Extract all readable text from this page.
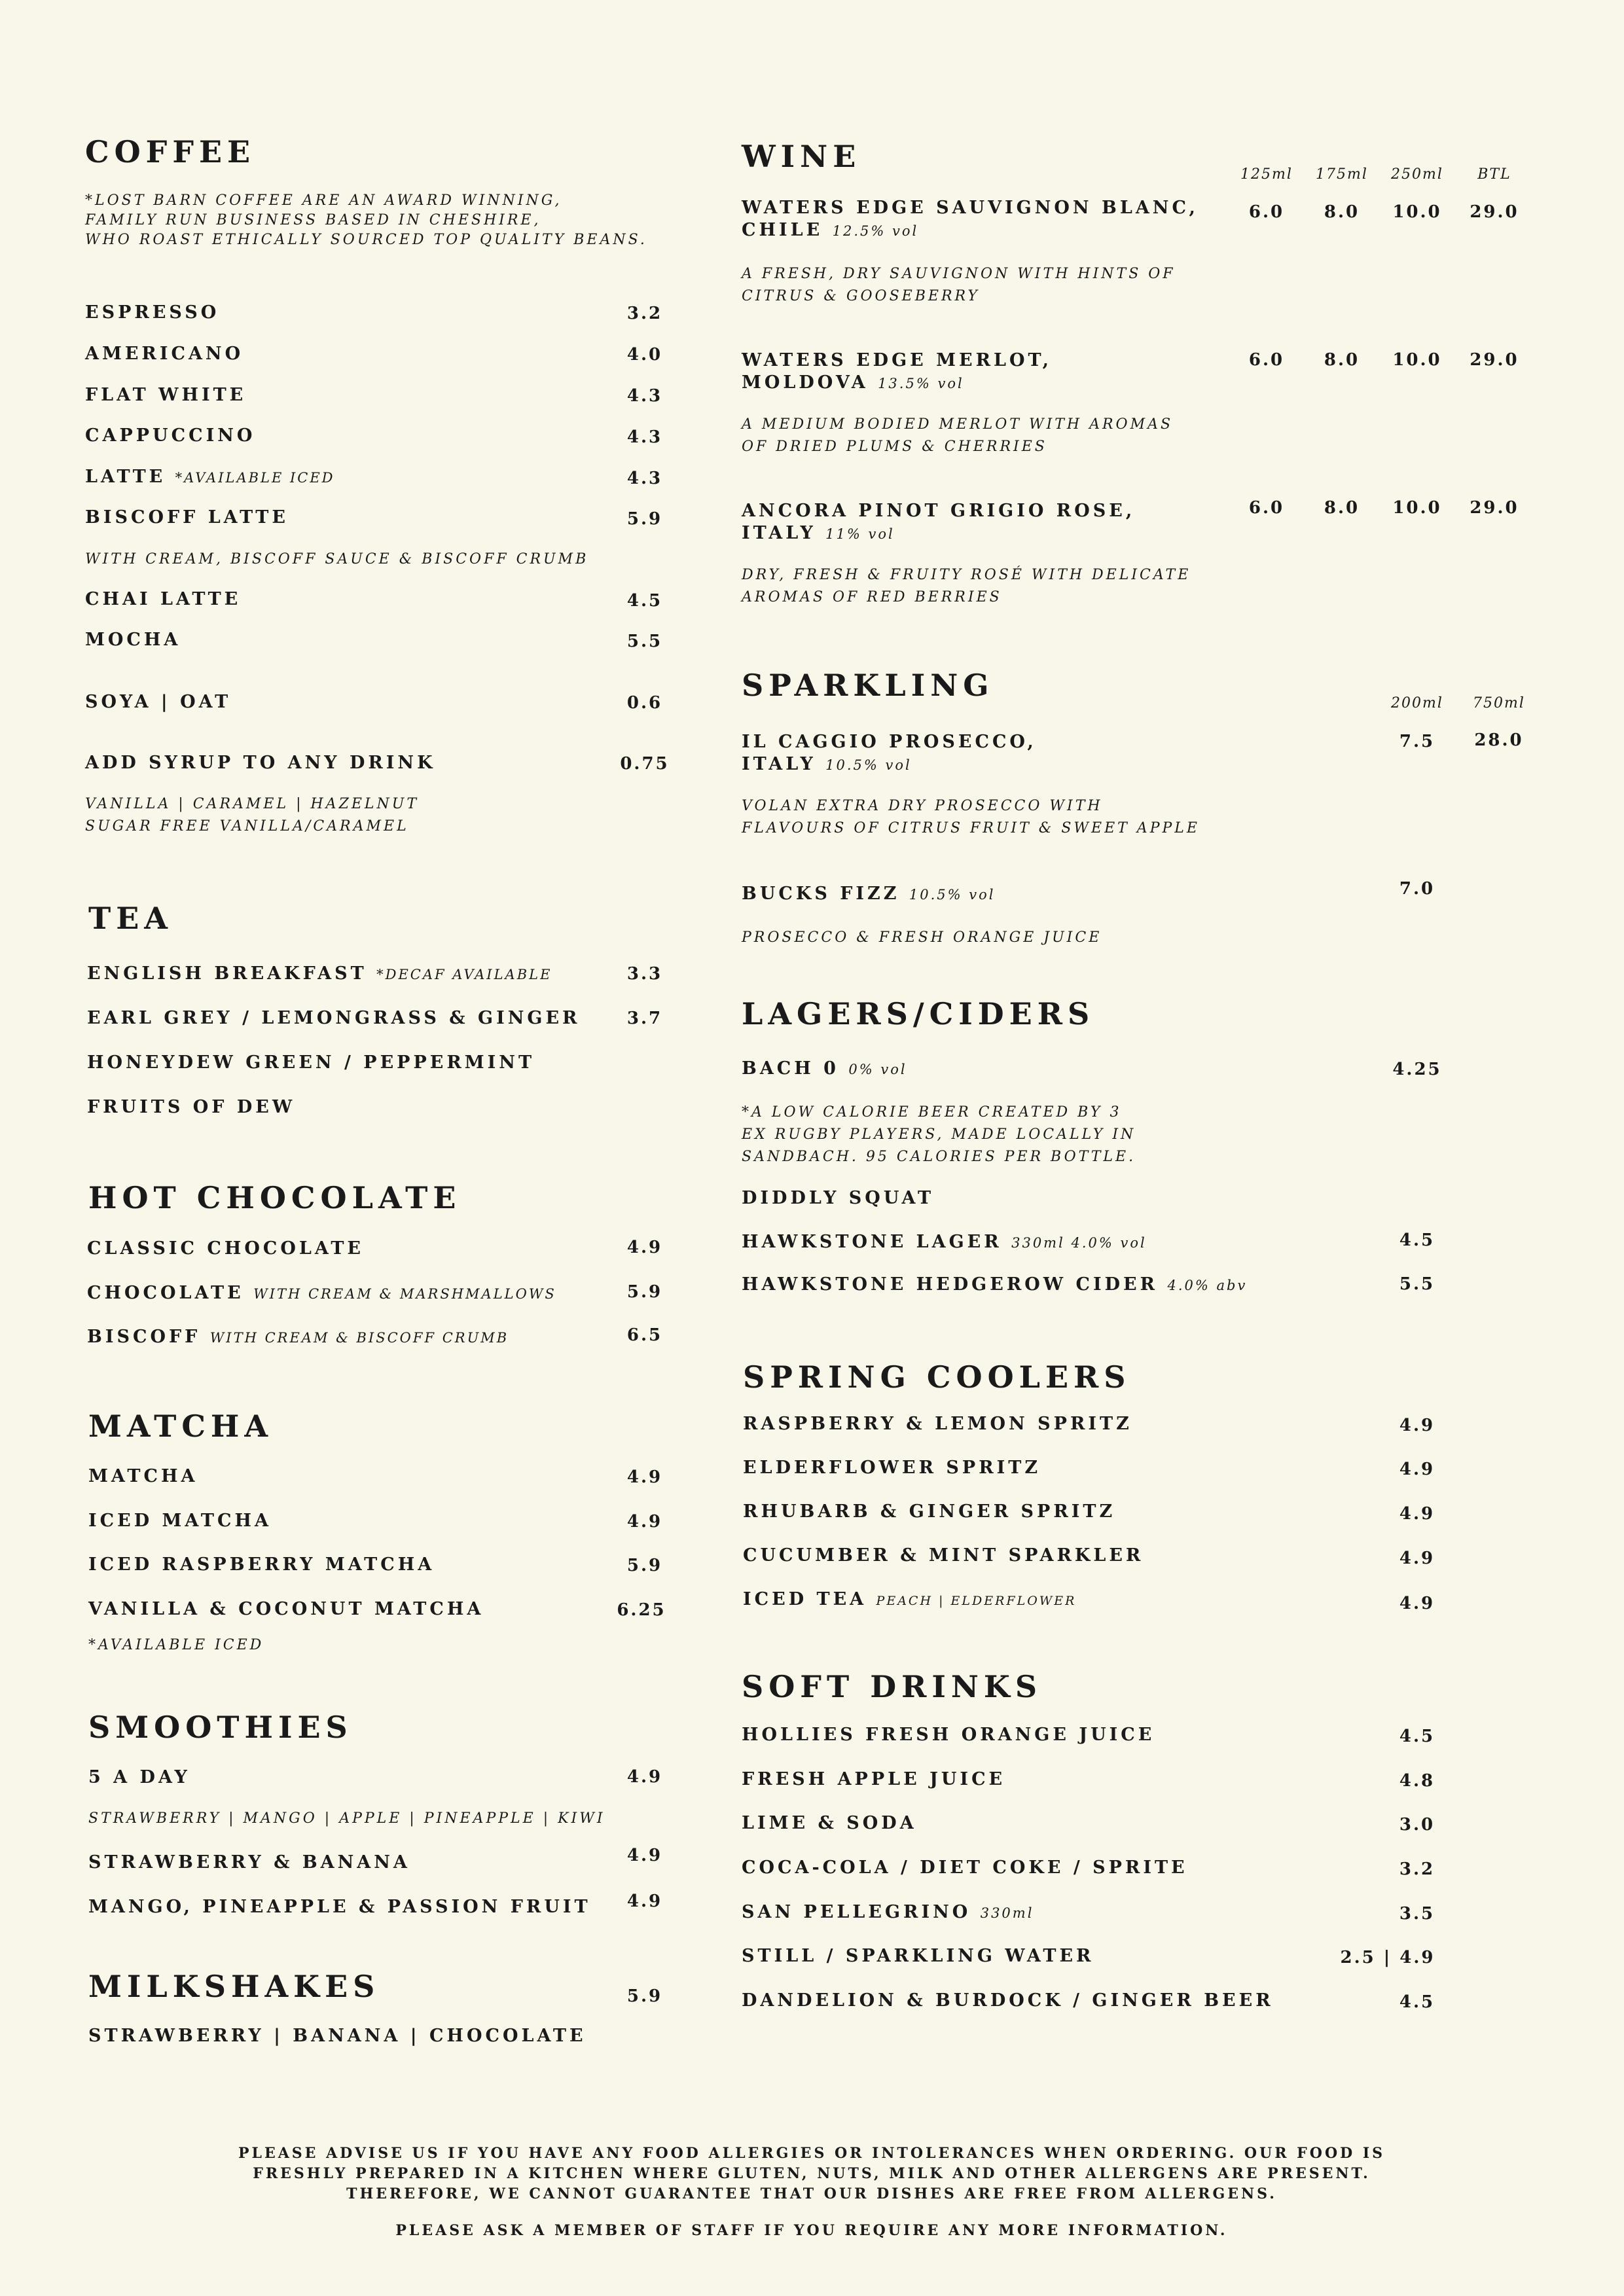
COFFEE
*LOST BARN COFFEE ARE AN AWARD WINNING,
FAMILY RUN BUSINESS BASED IN CHESHIRE,
WHO ROAST ETHICALLY SOURCED TOP QUALITY BEANS.
ESPRESSO	3.2
AMERICANO	4.0
FLAT WHITE	4.3
CAPPUCCINO	4.3
LATTE *AVAILABLE ICED	4.3
BISCOFF LATTE	5.9
WITH CREAM, BISCOFF SAUCE & BISCOFF CRUMB
CHAI LATTE	4.5
MOCHA	5.5
SOYA | OAT	0.6
ADD SYRUP TO ANY DRINK	0.75
VANILLA | CARAMEL | HAZELNUT
SUGAR FREE VANILLA/CARAMEL
TEA
ENGLISH BREAKFAST *DECAF AVAILABLE	3.3
EARL GREY / LEMONGRASS & GINGER	3.7
HONEYDEW GREEN / PEPPERMINT
FRUITS OF DEW
HOT CHOCOLATE
CLASSIC CHOCOLATE	4.9
CHOCOLATE WITH CREAM & MARSHMALLOWS	5.9
BISCOFF WITH CREAM & BISCOFF CRUMB	6.5
MATCHA
MATCHA	4.9
ICED MATCHA	4.9
ICED RASPBERRY MATCHA	5.9
VANILLA & COCONUT MATCHA	6.25
*AVAILABLE ICED
SMOOTHIES
5 A DAY	4.9
STRAWBERRY | MANGO | APPLE | PINEAPPLE | KIWI
STRAWBERRY & BANANA	4.9
MANGO, PINEAPPLE & PASSION FRUIT	4.9
MILKSHAKES	5.9
STRAWBERRY | BANANA | CHOCOLATE
WINE
125ml	175ml	250ml	BTL
WATERS EDGE SAUVIGNON BLANC,
CHILE 12.5% vol
6.0	8.0	10.0	29.0
A FRESH, DRY SAUVIGNON WITH HINTS OF
CITRUS & GOOSEBERRY
WATERS EDGE MERLOT,
MOLDOVA 13.5% vol
6.0	8.0	10.0	29.0
A MEDIUM BODIED MERLOT WITH AROMAS
OF DRIED PLUMS & CHERRIES
ANCORA PINOT GRIGIO ROSE,
ITALY 11% vol
6.0	8.0	10.0	29.0
DRY, FRESH & FRUITY ROSÉ WITH DELICATE
AROMAS OF RED BERRIES
SPARKLING
200ml	750ml
IL CAGGIO PROSECCO,
ITALY 10.5% vol
7.5	28.0
VOLAN EXTRA DRY PROSECCO WITH
FLAVOURS OF CITRUS FRUIT & SWEET APPLE
BUCKS FIZZ 10.5% vol	7.0
PROSECCO & FRESH ORANGE JUICE
LAGERS/CIDERS
BACH 0 0% vol	4.25
*A LOW CALORIE BEER CREATED BY 3
EX RUGBY PLAYERS, MADE LOCALLY IN
SANDBACH. 95 CALORIES PER BOTTLE.
DIDDLY SQUAT
HAWKSTONE LAGER 330ml 4.0% vol	4.5
HAWKSTONE HEDGEROW CIDER 4.0% abv	5.5
SPRING COOLERS
RASPBERRY & LEMON SPRITZ	4.9
ELDERFLOWER SPRITZ	4.9
RHUBARB & GINGER SPRITZ	4.9
CUCUMBER & MINT SPARKLER	4.9
ICED TEA PEACH | ELDERFLOWER	4.9
SOFT DRINKS
HOLLIES FRESH ORANGE JUICE	4.5
FRESH APPLE JUICE	4.8
LIME & SODA	3.0
COCA-COLA / DIET COKE / SPRITE	3.2
SAN PELLEGRINO 330ml	3.5
STILL / SPARKLING WATER	2.5 | 4.9
DANDELION & BURDOCK / GINGER BEER	4.5
PLEASE ADVISE US IF YOU HAVE ANY FOOD ALLERGIES OR INTOLERANCES WHEN ORDERING. OUR FOOD IS
FRESHLY PREPARED IN A KITCHEN WHERE GLUTEN, NUTS, MILK AND OTHER ALLERGENS ARE PRESENT.
THEREFORE, WE CANNOT GUARANTEE THAT OUR DISHES ARE FREE FROM ALLERGENS.
PLEASE ASK A MEMBER OF STAFF IF YOU REQUIRE ANY MORE INFORMATION.
